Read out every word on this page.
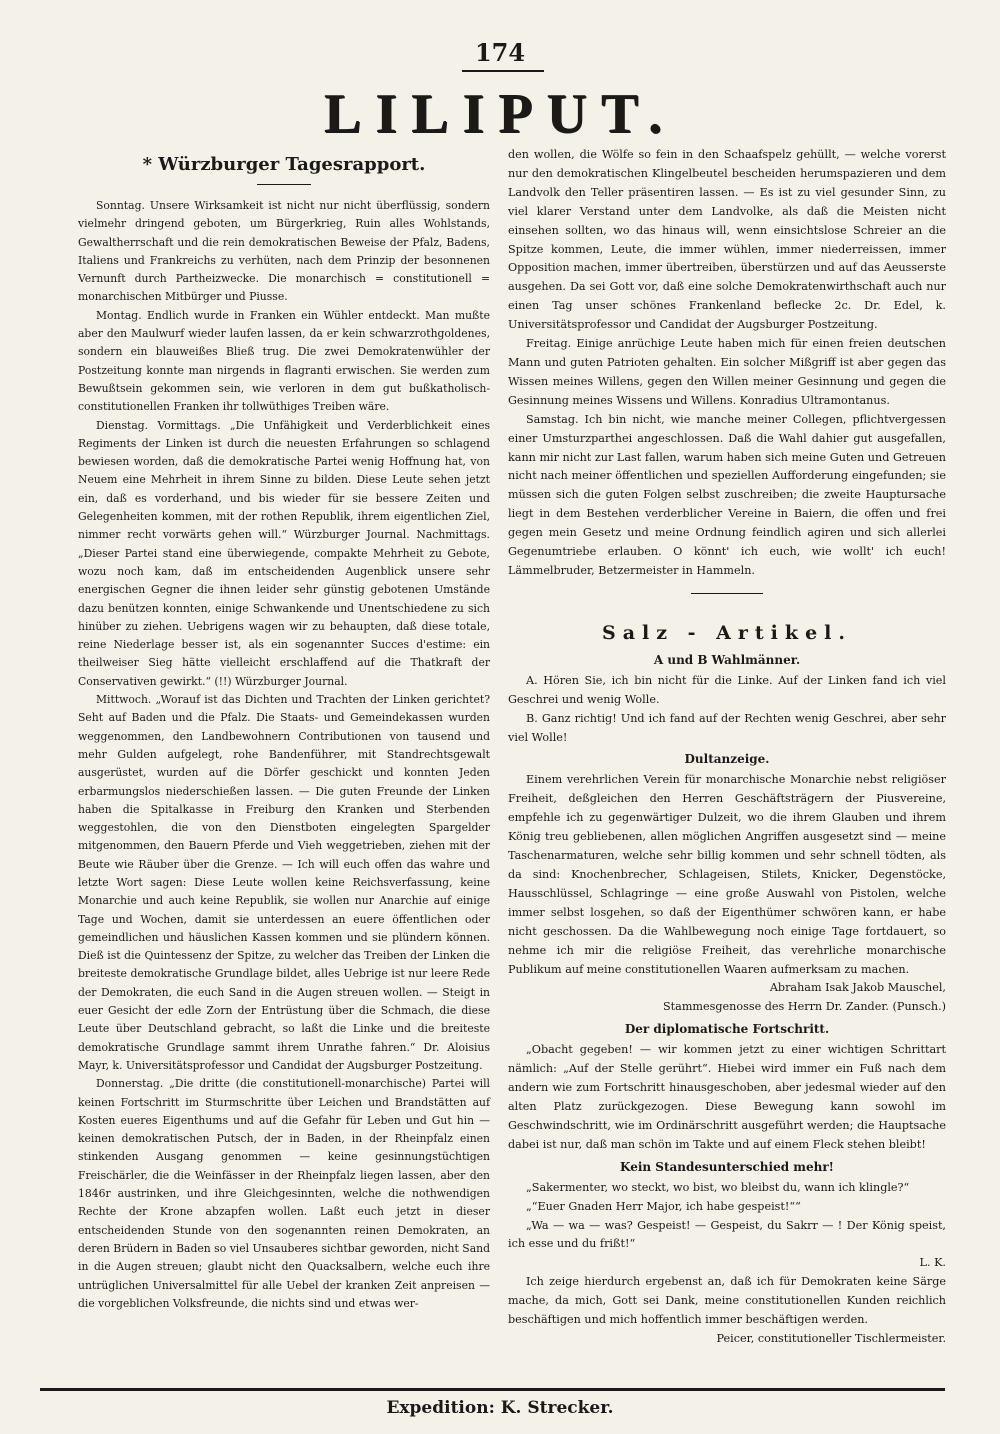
174
LILIPUT.
* Würzburger Tagesrapport.

Sonntag. Unsere Wirksamkeit ist nicht nur nicht überflüssig, sondern vielmehr dringend geboten, um Bürgerkrieg, Ruin alles Wohlstands, Gewaltherrschaft und die rein demokratischen Beweise der Pfalz, Badens, Italiens und Frankreichs zu verhüten, nach dem Prinzip der besonnenen Vernunft durch Partheizwecke. Die monarchisch = constitutionell = monarchischen Mitbürger und Piusse.

Montag. Endlich wurde in Franken ein Wühler entdeckt. Man mußte aber den Maulwurf wieder laufen lassen, da er kein schwarzrothgoldenes, sondern ein blauweißes Bließ trug. Die zwei Demokratenwühler der Postzeitung konnte man nirgends in flagranti erwischen. Sie werden zum Bewußtsein gekommen sein, wie verloren in dem gut bußkatholisch-constitutionellen Franken ihr tollwüthiges Treiben wäre.

Dienstag. Vormittags. „Die Unfähigkeit und Verderblichkeit eines Regiments der Linken ist durch die neuesten Erfahrungen so schlagend bewiesen worden, daß die demokratische Partei wenig Hoffnung hat, von Neuem eine Mehrheit in ihrem Sinne zu bilden. Diese Leute sehen jetzt ein, daß es vorderhand, und bis wieder für sie bessere Zeiten und Gelegenheiten kommen, mit der rothen Republik, ihrem eigentlichen Ziel, nimmer recht vorwärts gehen will.“ Würzburger Journal. Nachmittags. „Dieser Partei stand eine überwiegende, compakte Mehrheit zu Gebote, wozu noch kam, daß im entscheidenden Augenblick unsere sehr energischen Gegner die ihnen leider sehr günstig gebotenen Umstände dazu benützen konnten, einige Schwankende und Unentschiedene zu sich hinüber zu ziehen. Uebrigens wagen wir zu behaupten, daß diese totale, reine Niederlage besser ist, als ein sogenannter Succes d'estime: ein theilweiser Sieg hätte vielleicht erschlaffend auf die Thatkraft der Conservativen gewirkt.“ (!!) Würzburger Journal.

Mittwoch. „Worauf ist das Dichten und Trachten der Linken gerichtet? Seht auf Baden und die Pfalz. Die Staats- und Gemeindekassen wurden weggenommen, den Landbewohnern Contributionen von tausend und mehr Gulden aufgelegt, rohe Bandenführer, mit Standrechtsgewalt ausgerüstet, wurden auf die Dörfer geschickt und konnten Jeden erbarmungslos niederschießen lassen. — Die guten Freunde der Linken haben die Spitalkasse in Freiburg den Kranken und Sterbenden weggestohlen, die von den Dienstboten eingelegten Spargelder mitgenommen, den Bauern Pferde und Vieh weggetrieben, ziehen mit der Beute wie Räuber über die Grenze. — Ich will euch offen das wahre und letzte Wort sagen: Diese Leute wollen keine Reichsverfassung, keine Monarchie und auch keine Republik, sie wollen nur Anarchie auf einige Tage und Wochen, damit sie unterdessen an euere öffentlichen oder gemeindlichen und häuslichen Kassen kommen und sie plündern können. Dieß ist die Quintessenz der Spitze, zu welcher das Treiben der Linken die breiteste demokratische Grundlage bildet, alles Uebrige ist nur leere Rede der Demokraten, die euch Sand in die Augen streuen wollen. — Steigt in euer Gesicht der edle Zorn der Entrüstung über die Schmach, die diese Leute über Deutschland gebracht, so laßt die Linke und die breiteste demokratische Grundlage sammt ihrem Unrathe fahren.“ Dr. Aloisius Mayr, k. Universitätsprofessor und Candidat der Augsburger Postzeitung.

Donnerstag. „Die dritte (die constitutionell-monarchische) Partei will keinen Fortschritt im Sturmschritte über Leichen und Brandstätten auf Kosten eueres Eigenthums und auf die Gefahr für Leben und Gut hin — keinen demokratischen Putsch, der in Baden, in der Rheinpfalz einen stinkenden Ausgang genommen — keine gesinnungstüchtigen Freischärler, die die Weinfässer in der Rheinpfalz liegen lassen, aber den 1846r austrinken, und ihre Gleichgesinnten, welche die nothwendigen Rechte der Krone abzapfen wollen. Laßt euch jetzt in dieser entscheidenden Stunde von den sogenannten reinen Demokraten, an deren Brüdern in Baden so viel Unsauberes sichtbar geworden, nicht Sand in die Augen streuen; glaubt nicht den Quacksalbern, welche euch ihre untrüglichen Universalmittel für alle Uebel der kranken Zeit anpreisen — die vorgeblichen Volksfreunde, die nichts sind und etwas wer-

den wollen, die Wölfe so fein in den Schaafspelz gehüllt, — welche vorerst nur den demokratischen Klingelbeutel bescheiden herumspazieren und dem Landvolk den Teller präsentiren lassen. — Es ist zu viel gesunder Sinn, zu viel klarer Verstand unter dem Landvolke, als daß die Meisten nicht einsehen sollten, wo das hinaus will, wenn einsichtslose Schreier an die Spitze kommen, Leute, die immer wühlen, immer niederreissen, immer Opposition machen, immer übertreiben, überstürzen und auf das Aeusserste ausgehen. Da sei Gott vor, daß eine solche Demokratenwirthschaft auch nur einen Tag unser schönes Frankenland beflecke 2c. Dr. Edel, k. Universitätsprofessor und Candidat der Augsburger Postzeitung.

Freitag. Einige anrüchige Leute haben mich für einen freien deutschen Mann und guten Patrioten gehalten. Ein solcher Mißgriff ist aber gegen das Wissen meines Willens, gegen den Willen meiner Gesinnung und gegen die Gesinnung meines Wissens und Willens. Konradius Ultramontanus.

Samstag. Ich bin nicht, wie manche meiner Collegen, pflichtvergessen einer Umsturzparthei angeschlossen. Daß die Wahl dahier gut ausgefallen, kann mir nicht zur Last fallen, warum haben sich meine Guten und Getreuen nicht nach meiner öffentlichen und speziellen Aufforderung eingefunden; sie müssen sich die guten Folgen selbst zuschreiben; die zweite Hauptursache liegt in dem Bestehen verderblicher Vereine in Baiern, die offen und frei gegen mein Gesetz und meine Ordnung feindlich agiren und sich allerlei Gegenumtriebe erlauben. O könnt' ich euch, wie wollt' ich euch! Lämmelbruder, Betzermeister in Hammeln.

Salz - Artikel.
A und B Wahlmänner.

A. Hören Sie, ich bin nicht für die Linke. Auf der Linken fand ich viel Geschrei und wenig Wolle.

B. Ganz richtig! Und ich fand auf der Rechten wenig Geschrei, aber sehr viel Wolle!

Dultanzeige.

Einem verehrlichen Verein für monarchische Monarchie nebst religiöser Freiheit, deßgleichen den Herren Geschäftsträgern der Piusvereine, empfehle ich zu gegenwärtiger Dulzeit, wo die ihrem Glauben und ihrem König treu gebliebenen, allen möglichen Angriffen ausgesetzt sind — meine Taschenarmaturen, welche sehr billig kommen und sehr schnell tödten, als da sind: Knochenbrecher, Schlageisen, Stilets, Knicker, Degenstöcke, Hausschlüssel, Schlagringe — eine große Auswahl von Pistolen, welche immer selbst losgehen, so daß der Eigenthümer schwören kann, er habe nicht geschossen. Da die Wahlbewegung noch einige Tage fortdauert, so nehme ich mir die religiöse Freiheit, das verehrliche monarchische Publikum auf meine constitutionellen Waaren aufmerksam zu machen.

Abraham Isak Jakob Mauschel,

Stammesgenosse des Herrn Dr. Zander. (Punsch.)

Der diplomatische Fortschritt.

„Obacht gegeben! — wir kommen jetzt zu einer wichtigen Schrittart nämlich: „Auf der Stelle gerührt“. Hiebei wird immer ein Fuß nach dem andern wie zum Fortschritt hinausgeschoben, aber jedesmal wieder auf den alten Platz zurückgezogen. Diese Bewegung kann sowohl im Geschwindschritt, wie im Ordinärschritt ausgeführt werden; die Hauptsache dabei ist nur, daß man schön im Takte und auf einem Fleck stehen bleibt!

Kein Standesunterschied mehr!

„Sakermenter, wo steckt, wo bist, wo bleibst du, wann ich klingle?“

„“Euer Gnaden Herr Major, ich habe gespeist!““

„Wa — wa — was? Gespeist! — Gespeist, du Sakrr — ! Der König speist, ich esse und du frißt!“

L. K.

Ich zeige hierdurch ergebenst an, daß ich für Demokraten keine Särge mache, da mich, Gott sei Dank, meine constitutionellen Kunden reichlich beschäftigen und mich hoffentlich immer beschäftigen werden.

Peicer, constitutioneller Tischlermeister.

Expedition: K. Strecker.
